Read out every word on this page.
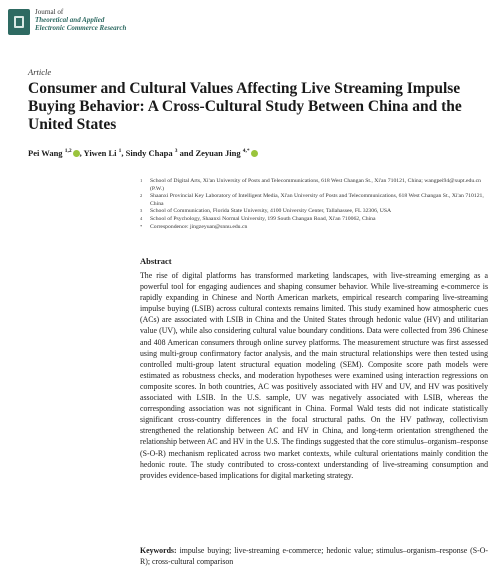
Journal of
Theoretical and Applied
Electronic Commerce Research
Article
Consumer and Cultural Values Affecting Live Streaming Impulse Buying Behavior: A Cross-Cultural Study Between China and the United States
Pei Wang $^{1,2}$ , Yiwen Li $^1$, Sindy Chapa $^3$ and Zeyuan Jing $^{4,*}$
1 School of Digital Arts, Xi'an University of Posts and Telecommunications, 618 West Changan St., Xi'an 710121, China; wangpei94@xupt.edu.cn (P.W.)
2 Shaanxi Provincial Key Laboratory of Intelligent Media, Xi'an University of Posts and Telecommunications, 618 West Changan St., Xi'an 710121, China
3 School of Communication, Florida State University, 4100 University Center, Tallahassee, FL 32306, USA
4 School of Psychology, Shaanxi Normal University, 199 South Changan Road, Xi'an 710062, China
* Correspondence: jingzeyuan@snnu.edu.cn
Abstract
The rise of digital platforms has transformed marketing landscapes, with live-streaming emerging as a powerful tool for engaging audiences and shaping consumer behavior. While live-streaming e-commerce is rapidly expanding in Chinese and North American markets, empirical research comparing live-streaming impulse buying (LSIB) across cultural contexts remains limited. This study examined how atmospheric cues (ACs) are associated with LSIB in China and the United States through hedonic value (HV) and utilitarian value (UV), while also considering cultural value boundary conditions. Data were collected from 396 Chinese and 408 American consumers through online survey platforms. The measurement structure was first assessed using multi-group confirmatory factor analysis, and the main structural relationships were then tested using controlled multi-group latent structural equation modeling (SEM). Composite score path models were estimated as robustness checks, and moderation hypotheses were examined using interaction regressions on composite scores. In both countries, AC was positively associated with HV and UV, and HV was positively associated with LSIB. In the U.S. sample, UV was negatively associated with LSIB, whereas the corresponding association was not significant in China. Formal Wald tests did not indicate statistically significant cross-country differences in the focal structural paths. On the HV pathway, collectivism strengthened the relationship between AC and HV in China, and long-term orientation strengthened the relationship between AC and HV in the U.S. The findings suggested that the core stimulus–organism–response (S-O-R) mechanism replicated across two market contexts, while cultural orientations mainly condition the hedonic route. The study contributed to cross-context understanding of live-streaming consumption and provides evidence-based implications for digital marketing strategy.
Keywords: impulse buying; live-streaming e-commerce; hedonic value; stimulus–organism–response (S-O-R); cross-cultural comparison
